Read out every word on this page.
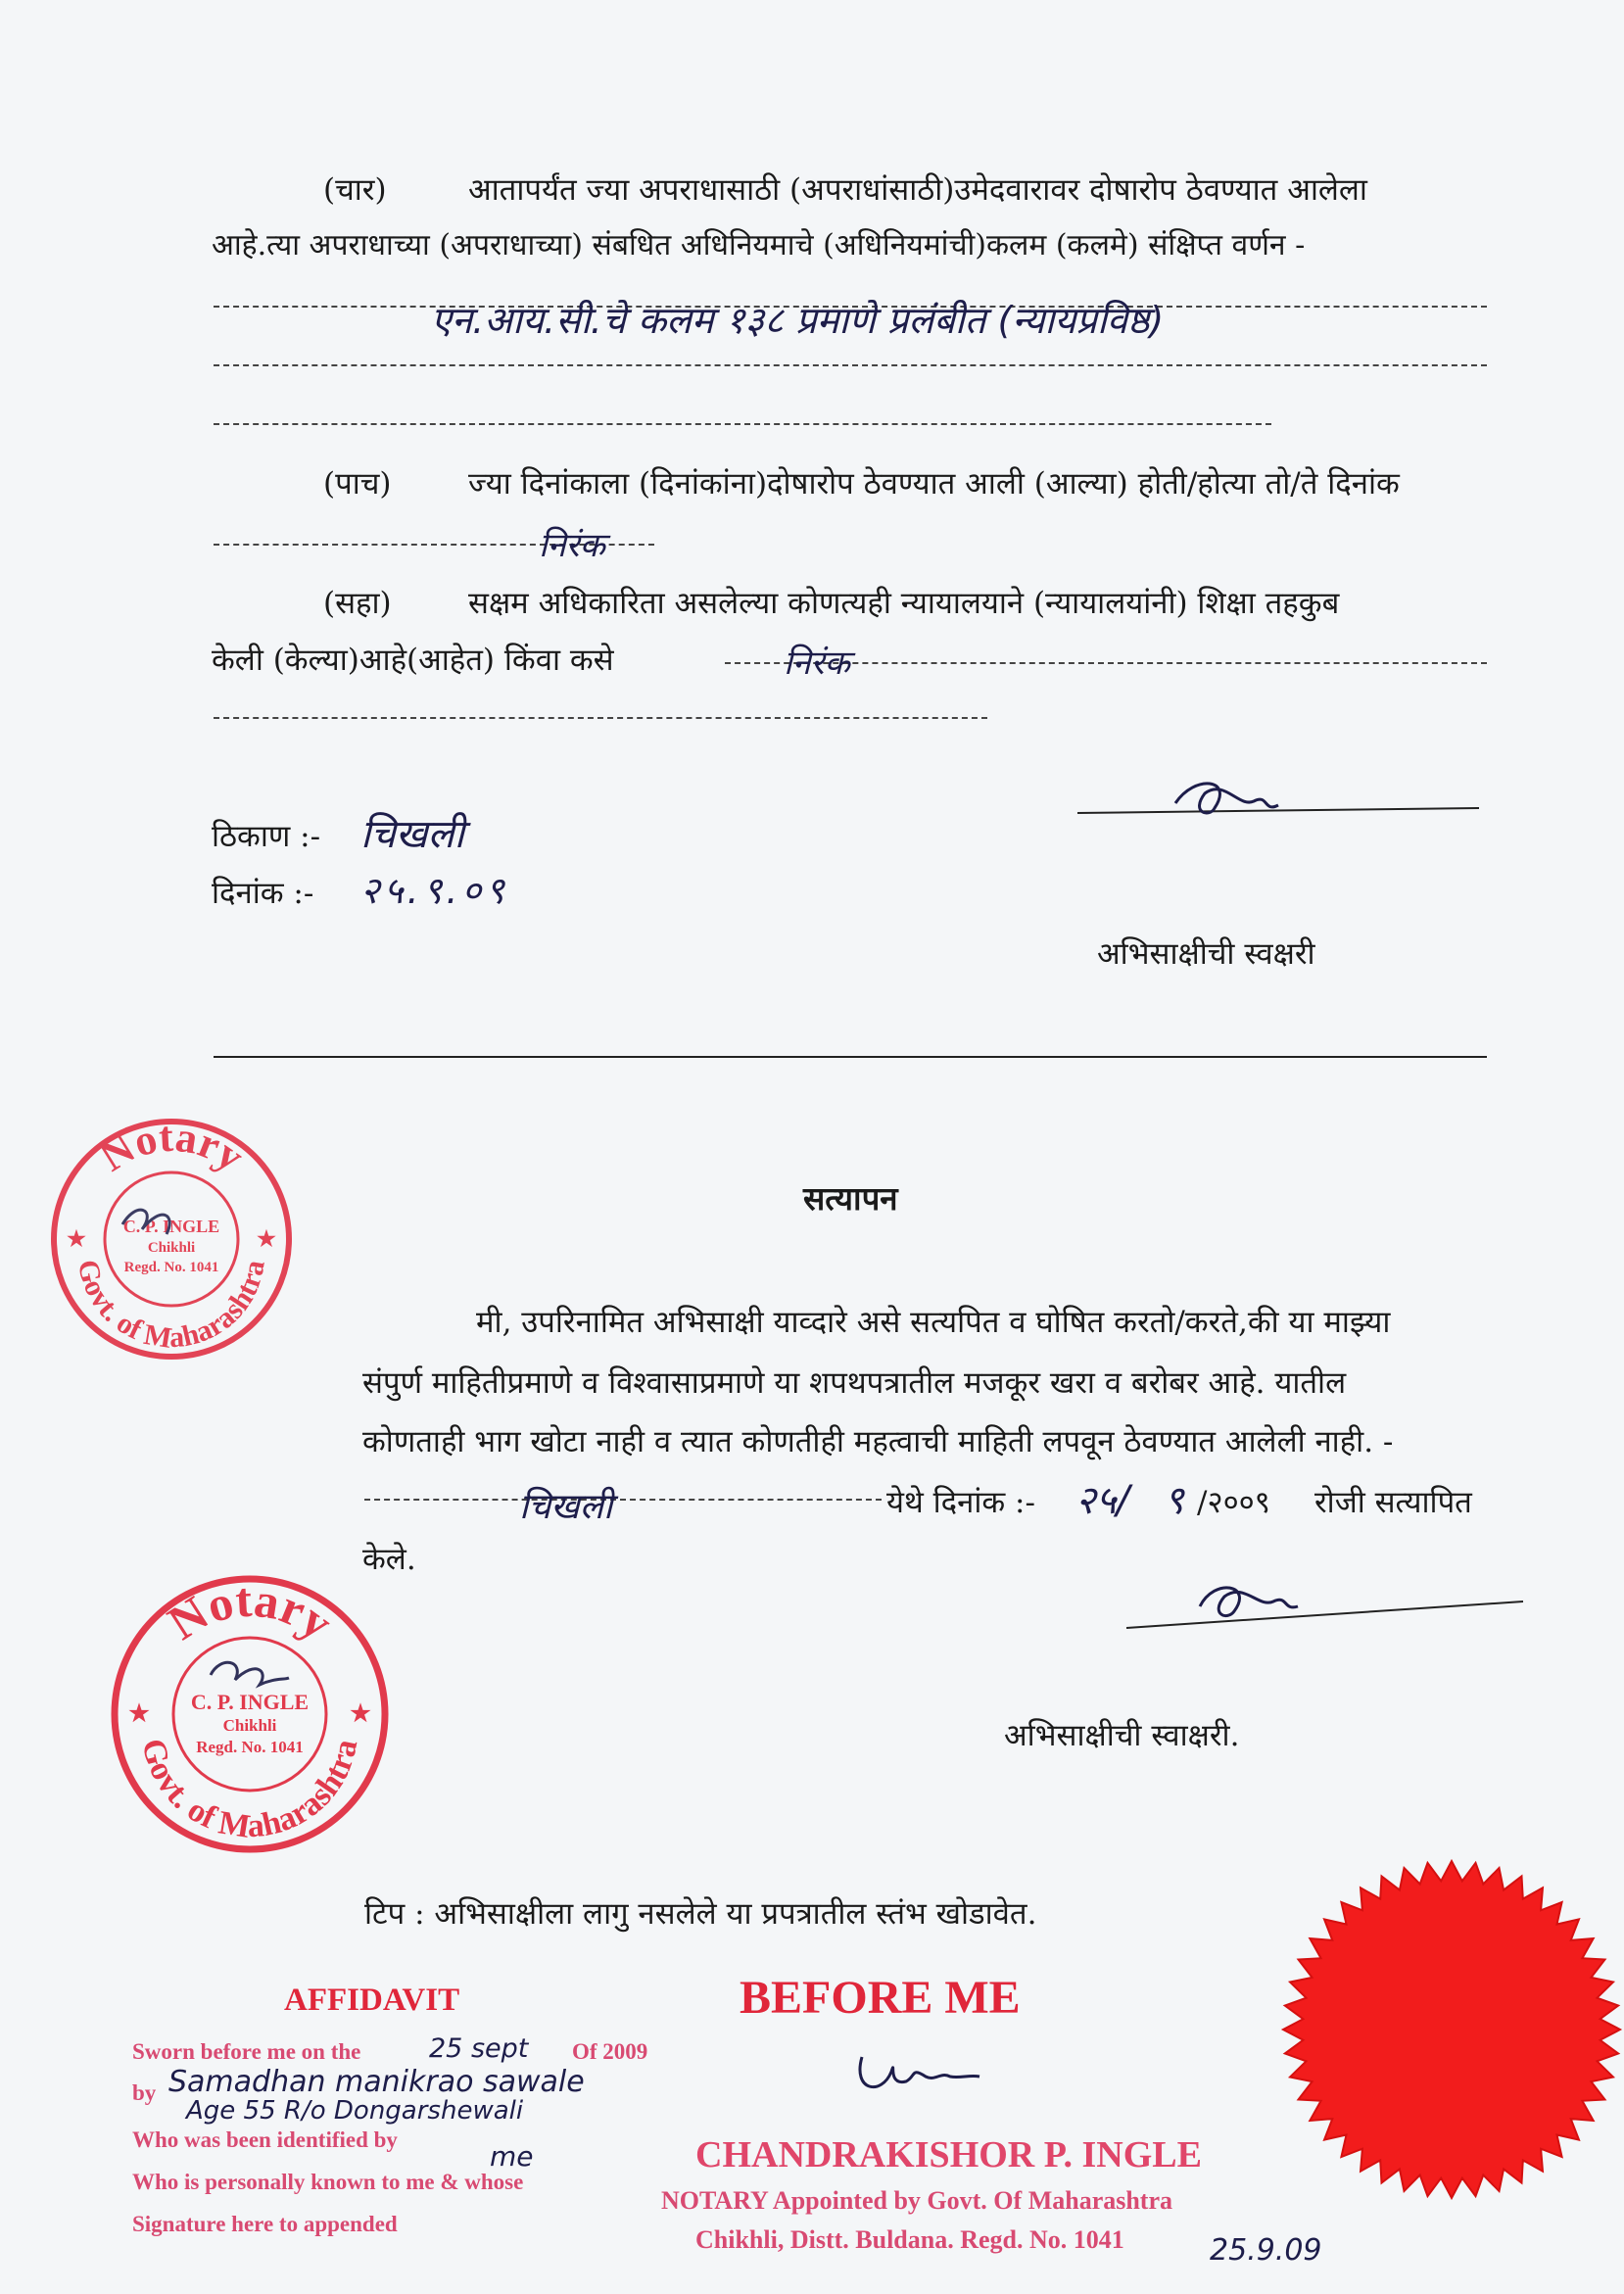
(चार)	आतापर्यंत ज्या अपराधासाठी (अपराधांसाठी)उमेदवारावर दोषारोप ठेवण्यात आलेला
आहे.त्या अपराधाच्या (अपराधाच्या) संबधित अधिनियमाचे (अधिनियमांची)कलम (कलमे) संक्षिप्त वर्णन -
एन.आय.सी.चे कलम १३८ प्रमाणे प्रलंबीत (न्यायप्रविष्ठ)
(पाच)	ज्या दिनांकाला (दिनांकांना)दोषारोप ठेवण्यात आली (आल्या) होती/होत्या तो/ते दिनांक
निरंक
(सहा)	सक्षम अधिकारिता असलेल्या कोणत्यही न्यायालयाने (न्यायालयांनी) शिक्षा तहकुब
केली (केल्या)आहे(आहेत) किंवा कसे	निरंक
ठिकाण :- चिखली
दिनांक :- २५.९.०९
अभिसाक्षीची स्वक्षरी
सत्यापन
मी, उपरिनामित अभिसाक्षी याव्दारे असे सत्यपित व घोषित करतो/करते,की या माझ्या
संपुर्ण माहितीप्रमाणे व विश्वासाप्रमाणे या शपथपत्रातील मजकूर खरा व बरोबर आहे. यातील
कोणताही भाग खोटा नाही व त्यात कोणतीही महत्वाची माहिती लपवून ठेवण्यात आलेली नाही. -
चिखली	येथे दिनांक :- २५/ ९ /२००९ रोजी सत्यापित
केले.
अभिसाक्षीची स्वाक्षरी.
टिप : अभिसाक्षीला लागु नसलेले या प्रपत्रातील स्तंभ खोडावेत.
Notary
Govt. of Maharashtra
C. P. INGLE
Chikhli
Regd. No. 1041
★	★
Notary
Govt. of Maharashtra
C. P. INGLE
Chikhli
Regd. No. 1041
★	★
AFFIDAVIT
Sworn before me on the	25 sept Of 2009
by Samadhan manikrao sawale
Age 55 R/o Dongarshewali
Who was been identified by
me
Who is personally known to me & whose
Signature here to appended
BEFORE ME
CHANDRAKISHOR P. INGLE
NOTARY Appointed by Govt. Of Maharashtra
Chikhli, Distt. Buldana. Regd. No. 1041	25.9.09
